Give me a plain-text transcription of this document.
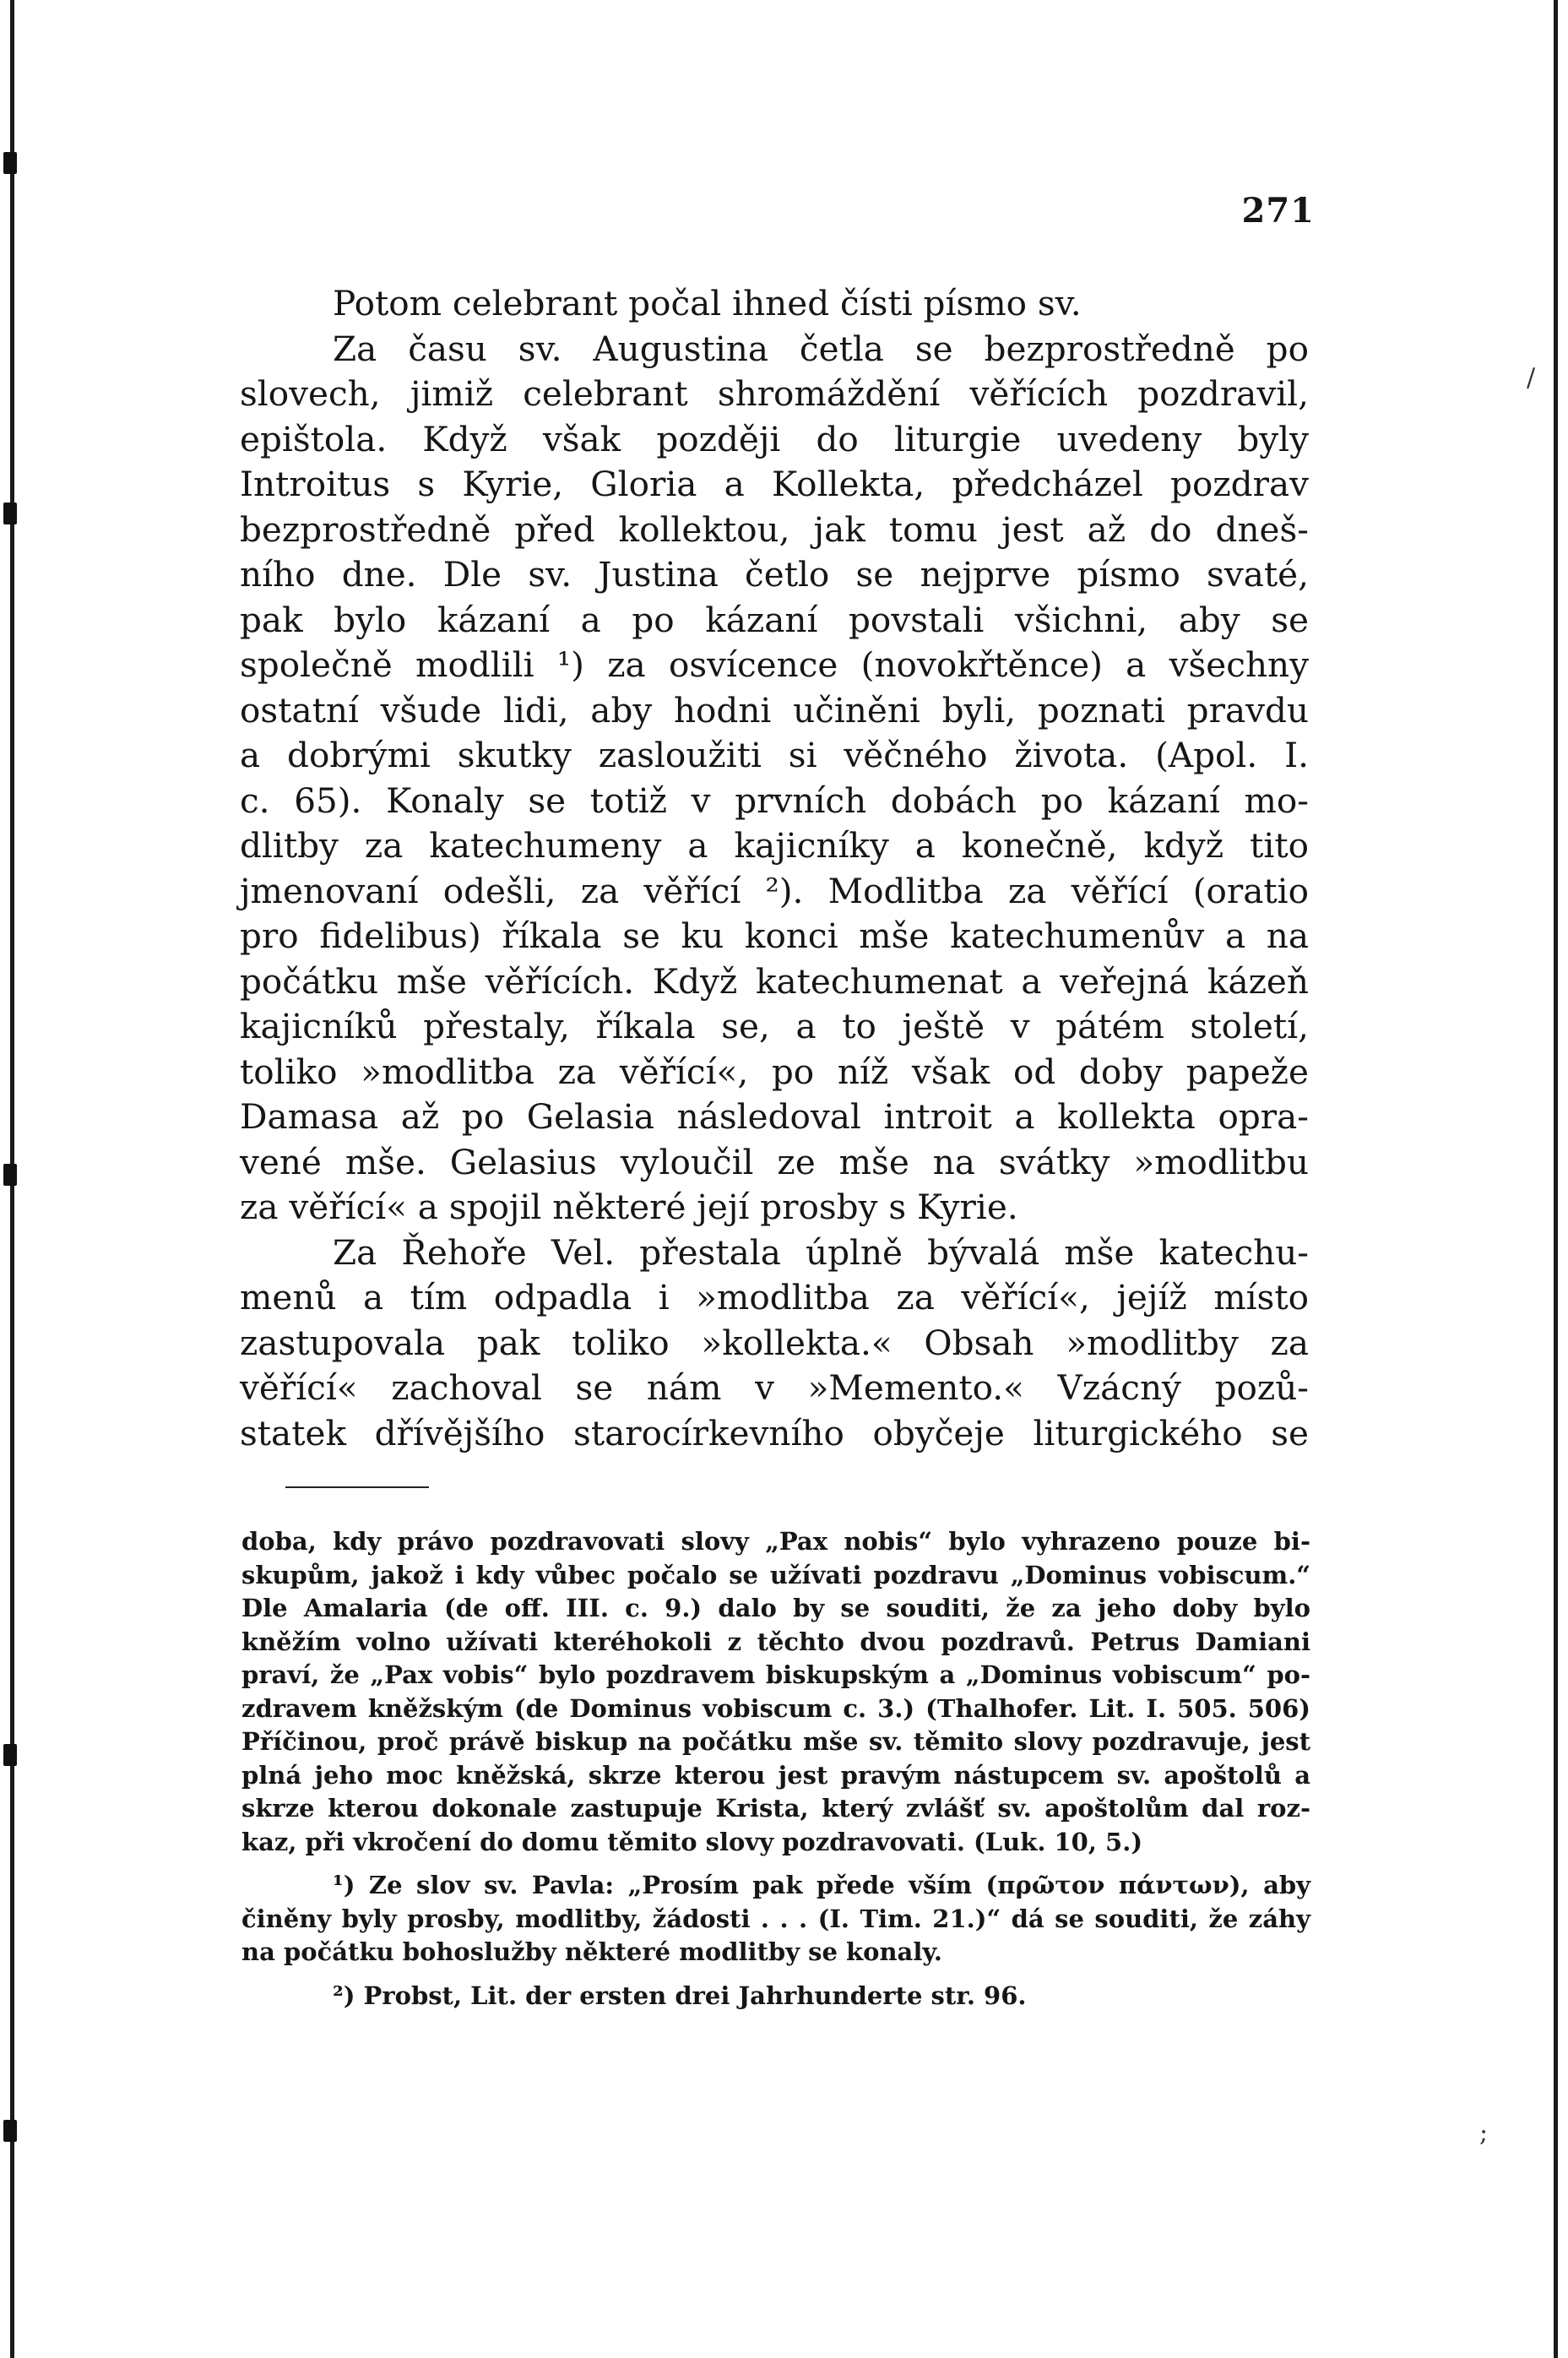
271
Potom celebrant počal ihned čísti písmo sv.
Za času sv. Augustina četla se bezprostředně po
slovech, jimiž celebrant shromáždění věřících pozdravil,
epištola. Když však později do liturgie uvedeny byly
Introitus s Kyrie, Gloria a Kollekta, předcházel pozdrav
bezprostředně před kollektou, jak tomu jest až do dneš-
ního dne. Dle sv. Justina četlo se nejprve písmo svaté,
pak bylo kázaní a po kázaní povstali všichni, aby se
společně modlili ¹) za osvícence (novokřtěnce) a všechny
ostatní všude lidi, aby hodni učiněni byli, poznati pravdu
a dobrými skutky zasloužiti si věčného života. (Apol. I.
c. 65). Konaly se totiž v prvních dobách po kázaní mo-
dlitby za katechumeny a kajicníky a konečně, když tito
jmenovaní odešli, za věřící ²). Modlitba za věřící (oratio
pro fidelibus) říkala se ku konci mše katechumenův a na
počátku mše věřících. Když katechumenat a veřejná kázeň
kajicníků přestaly, říkala se, a to ještě v pátém století,
toliko »modlitba za věřící«, po níž však od doby papeže
Damasa až po Gelasia následoval introit a kollekta opra-
vené mše. Gelasius vyloučil ze mše na svátky »modlitbu
za věřící« a spojil některé její prosby s Kyrie.
Za Řehoře Vel. přestala úplně bývalá mše katechu-
menů a tím odpadla i »modlitba za věřící«, jejíž místo
zastupovala pak toliko »kollekta.« Obsah »modlitby za
věřící« zachoval se nám v »Memento.« Vzácný pozů-
statek dřívějšího starocírkevního obyčeje liturgického se
doba, kdy právo pozdravovati slovy „Pax nobis“ bylo vyhrazeno pouze bi-
skupům, jakož i kdy vůbec počalo se užívati pozdravu „Dominus vobiscum.“
Dle Amalaria (de off. III. c. 9.) dalo by se souditi, že za jeho doby bylo
kněžím volno užívati kteréhokoli z těchto dvou pozdravů. Petrus Damiani
praví, že „Pax vobis“ bylo pozdravem biskupským a „Dominus vobiscum“ po-
zdravem kněžským (de Dominus vobiscum c. 3.) (Thalhofer. Lit. I. 505. 506)
Příčinou, proč právě biskup na počátku mše sv. těmito slovy pozdravuje, jest
plná jeho moc kněžská, skrze kterou jest pravým nástupcem sv. apoštolů a
skrze kterou dokonale zastupuje Krista, který zvlášť sv. apoštolům dal roz-
kaz, při vkročení do domu těmito slovy pozdravovati. (Luk. 10, 5.)
¹) Ze slov sv. Pavla: „Prosím pak přede vším (πρῶτον πάντων), aby
činěny byly prosby, modlitby, žádosti . . . (I. Tim. 21.)“ dá se souditi, že záhy
na počátku bohoslužby některé modlitby se konaly.
²) Probst, Lit. der ersten drei Jahrhunderte str. 96.
/
;
